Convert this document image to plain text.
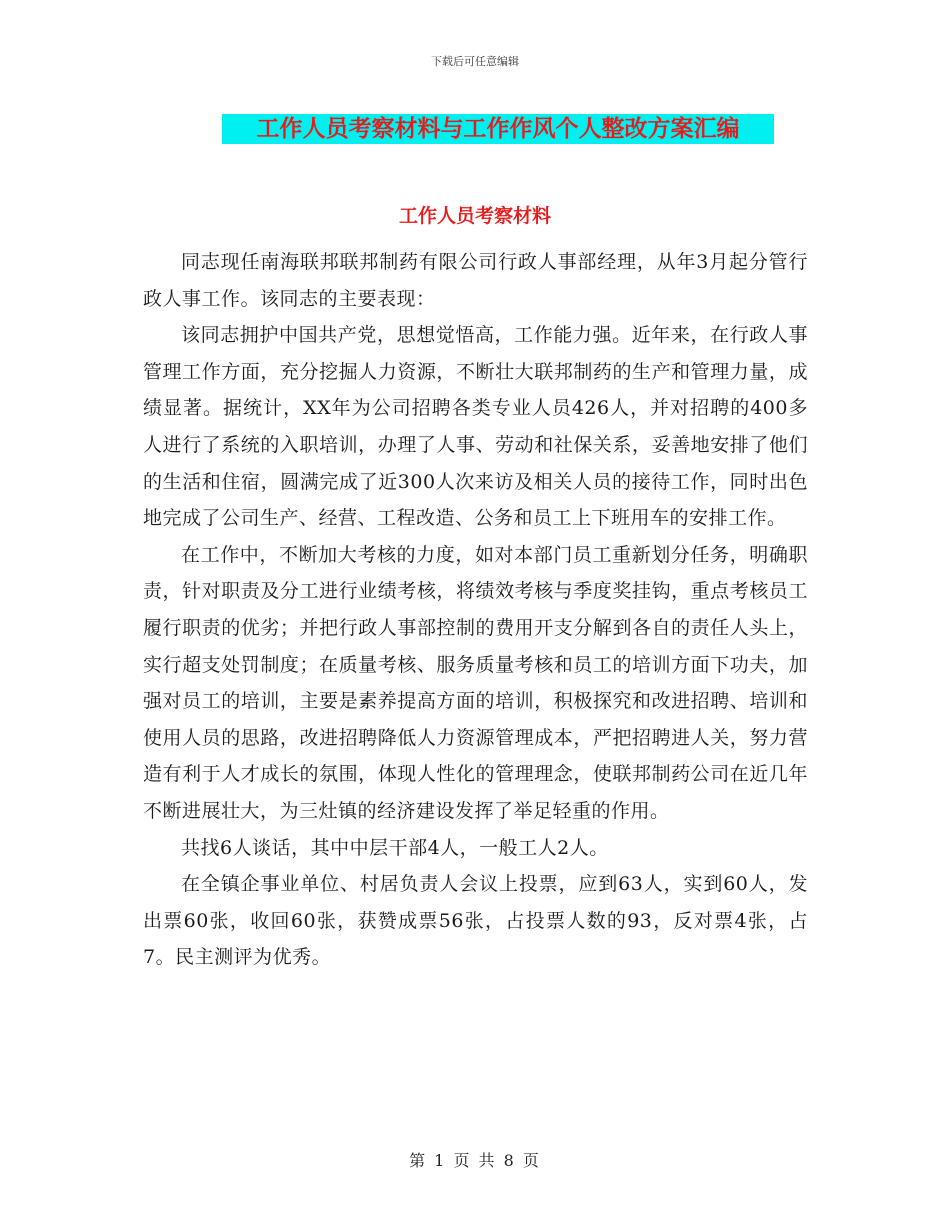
下载后可任意编辑
工作人员考察材料与工作作风个人整改方案汇编
工作人员考察材料

同志现任南海联邦联邦制药有限公司行政人事部经理，从年3月起分管行政人事工作。该同志的主要表现：

该同志拥护中国共产党，思想觉悟高，工作能力强。近年来，在行政人事管理工作方面，充分挖掘人力资源，不断壮大联邦制药的生产和管理力量，成绩显著。据统计，XX年为公司招聘各类专业人员426人，并对招聘的400多人进行了系统的入职培训，办理了人事、劳动和社保关系，妥善地安排了他们的生活和住宿，圆满完成了近300人次来访及相关人员的接待工作，同时出色地完成了公司生产、经营、工程改造、公务和员工上下班用车的安排工作。

在工作中，不断加大考核的力度，如对本部门员工重新划分任务，明确职责，针对职责及分工进行业绩考核，将绩效考核与季度奖挂钩，重点考核员工履行职责的优劣；并把行政人事部控制的费用开支分解到各自的责任人头上，实行超支处罚制度；在质量考核、服务质量考核和员工的培训方面下功夫，加强对员工的培训，主要是素养提高方面的培训，积极探究和改进招聘、培训和使用人员的思路，改进招聘降低人力资源管理成本，严把招聘进人关，努力营造有利于人才成长的氛围，体现人性化的管理理念，使联邦制药公司在近几年不断进展壮大，为三灶镇的经济建设发挥了举足轻重的作用。

共找6人谈话，其中中层干部4人，一般工人2人。

在全镇企事业单位、村居负责人会议上投票，应到63人，实到60人，发出票60张，收回60张，获赞成票56张，占投票人数的93，反对票4张，占7。民主测评为优秀。

第 1 页 共 8 页
